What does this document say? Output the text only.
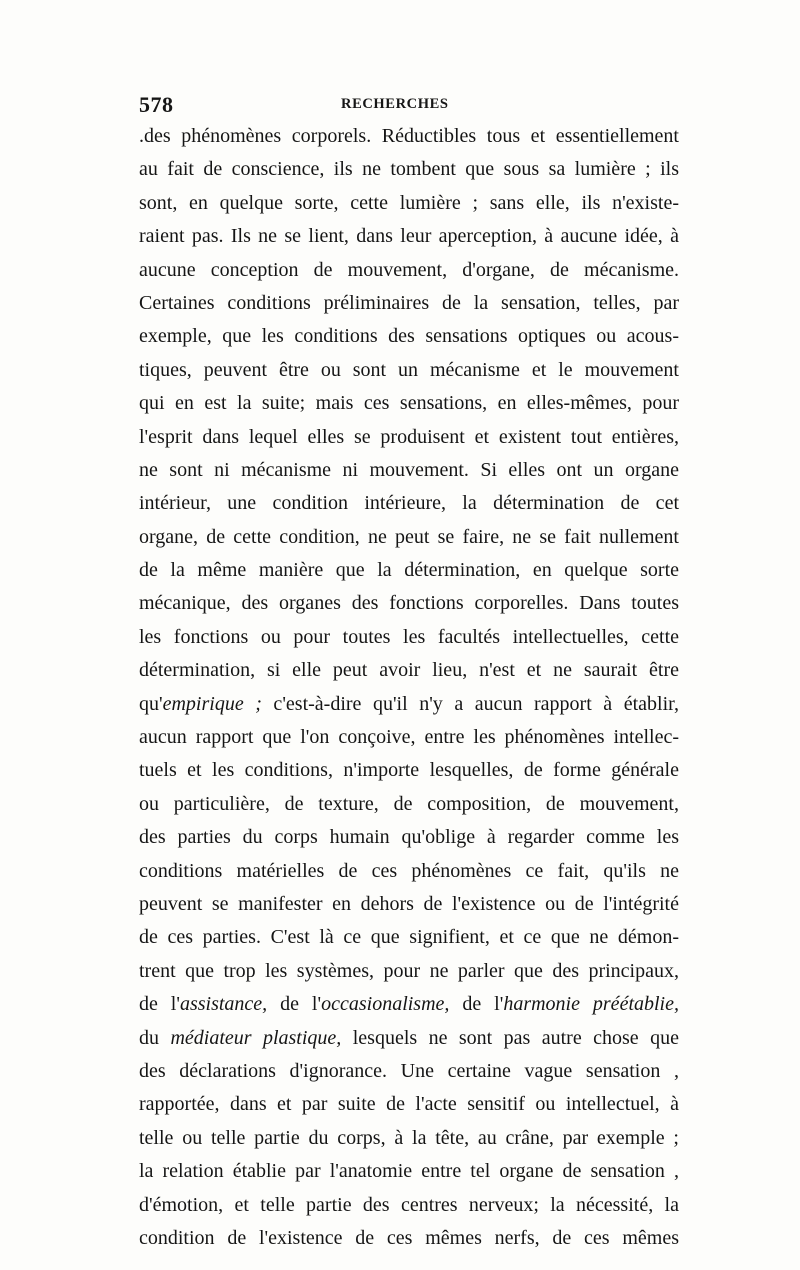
578	RECHERCHES
.des phénomènes corporels. Réductibles tous et essentiellement
au fait de conscience, ils ne tombent que sous sa lumière ; ils
sont, en quelque sorte, cette lumière ; sans elle, ils n'existe-
raient pas. Ils ne se lient, dans leur aperception, à aucune idée, à
aucune conception de mouvement, d'organe, de mécanisme.
Certaines conditions préliminaires de la sensation, telles, par
exemple, que les conditions des sensations optiques ou acous-
tiques, peuvent être ou sont un mécanisme et le mouvement
qui en est la suite; mais ces sensations, en elles-mêmes, pour
l'esprit dans lequel elles se produisent et existent tout entières,
ne sont ni mécanisme ni mouvement. Si elles ont un organe
intérieur, une condition intérieure, la détermination de cet
organe, de cette condition, ne peut se faire, ne se fait nullement
de la même manière que la détermination, en quelque sorte
mécanique, des organes des fonctions corporelles. Dans toutes
les fonctions ou pour toutes les facultés intellectuelles, cette
détermination, si elle peut avoir lieu, n'est et ne saurait être
qu'empirique ; c'est-à-dire qu'il n'y a aucun rapport à établir,
aucun rapport que l'on conçoive, entre les phénomènes intellec-
tuels et les conditions, n'importe lesquelles, de forme générale
ou particulière, de texture, de composition, de mouvement,
des parties du corps humain qu'oblige à regarder comme les
conditions matérielles de ces phénomènes ce fait, qu'ils ne
peuvent se manifester en dehors de l'existence ou de l'intégrité
de ces parties. C'est là ce que signifient, et ce que ne démon-
trent que trop les systèmes, pour ne parler que des principaux,
de l'assistance, de l'occasionalisme, de l'harmonie préétablie,
du médiateur plastique, lesquels ne sont pas autre chose que
des déclarations d'ignorance. Une certaine vague sensation ,
rapportée, dans et par suite de l'acte sensitif ou intellectuel, à
telle ou telle partie du corps, à la tête, au crâne, par exemple ;
la relation établie par l'anatomie entre tel organe de sensation ,
d'émotion, et telle partie des centres nerveux; la nécessité, la
condition de l'existence de ces mêmes nerfs, de ces mêmes
